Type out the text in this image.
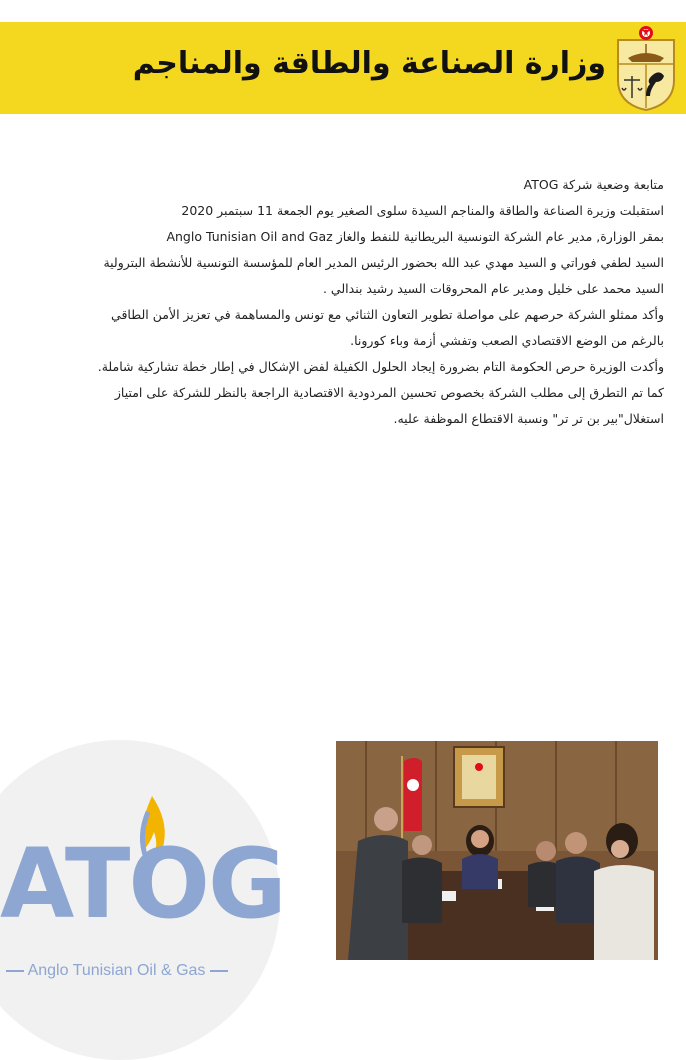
وزارة الصناعة والطاقة والمناجم
متابعة وضعية شركة ATOG
استقبلت وزيرة الصناعة والطاقة والمناجم السيدة سلوى الصغير يوم الجمعة 11 سبتمبر 2020
بمقر الوزارة, مدير عام الشركة التونسية البريطانية للنفط والغاز Anglo Tunisian Oil and Gaz
السيد لطفي فوراتي و السيد مهدي عبد الله بحضور الرئيس المدير العام للمؤسسة التونسية للأنشطة البترولية
السيد محمد على خليل ومدير عام المحروقات السيد رشيد بندالي .
وأكد ممثلو الشركة حرصهم على مواصلة تطوير التعاون الثنائي مع تونس والمساهمة في تعزيز الأمن الطاقي
بالرغم من الوضع الاقتصادي الصعب وتفشي أزمة وباء كورونا.
وأكدت الوزيرة حرص الحكومة التام بضرورة إيجاد الحلول الكفيلة لفض الإشكال في إطار خطة تشاركية شاملة.
كما تم التطرق إلى مطلب الشركة بخصوص تحسين المردودية الاقتصادية الراجعة بالنظر للشركة على امتياز
استغلال"بير بن تر تر" ونسبة الاقتطاع الموظفة عليه.
ATOG
Anglo Tunisian Oil & Gas
